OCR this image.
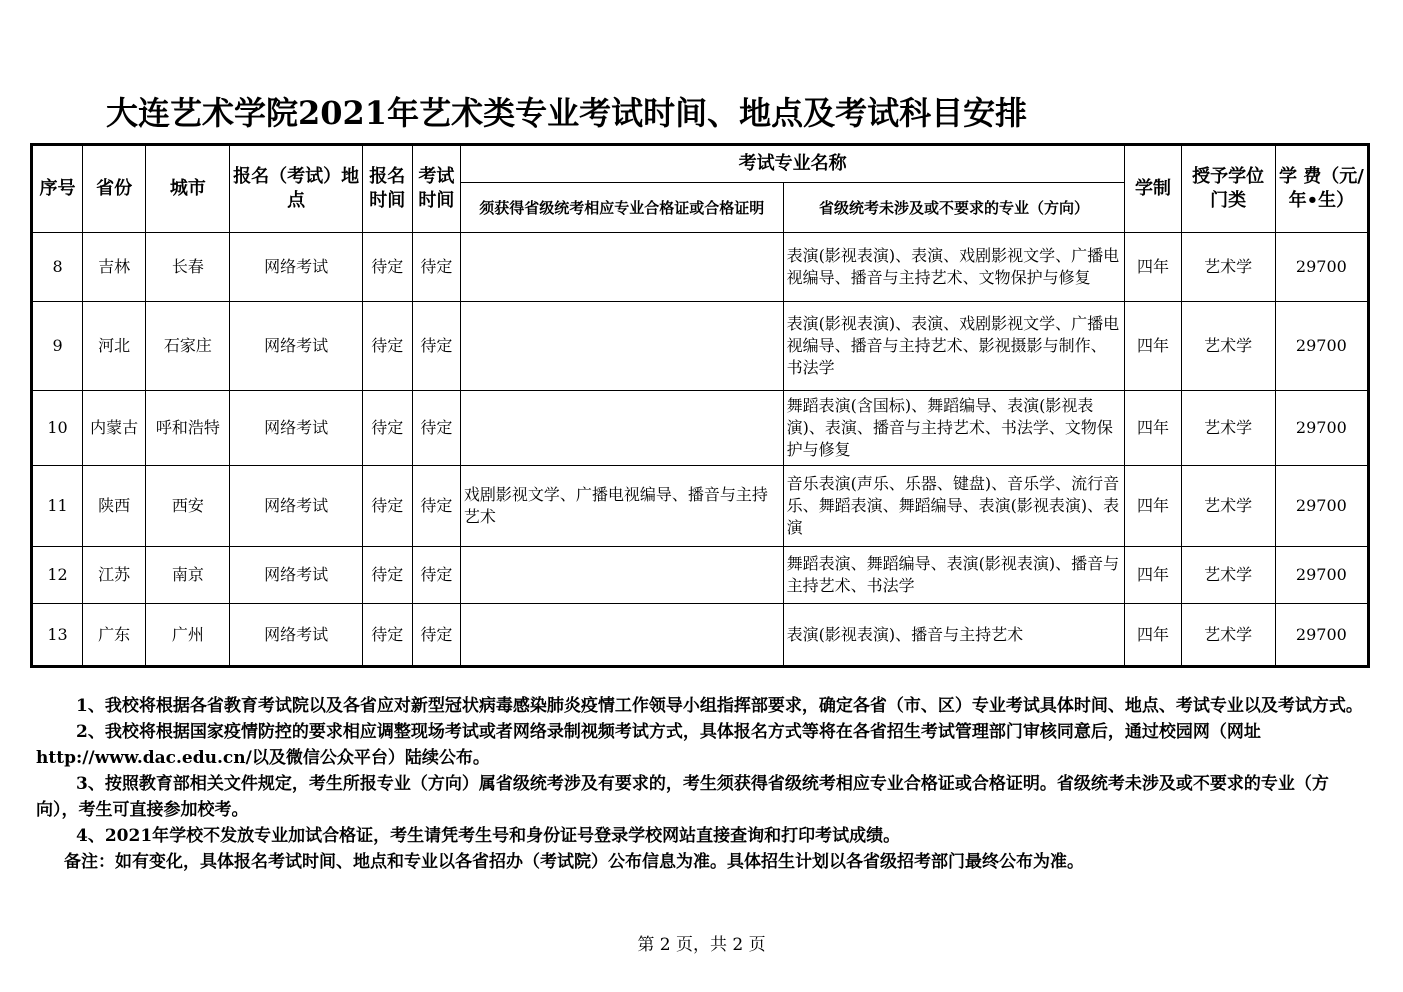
大连艺术学院2021年艺术类专业考试时间、地点及考试科目安排
序号	省份	城市	报名（考试）地点	报名时间	考试时间	考试专业名称		学制	授予学位门类	学 费（元/年•生）
						须获得省级统考相应专业合格证或合格证明	省级统考未涉及或不要求的专业（方向）			
8	吉林	长春	网络考试	待定	待定		表演(影视表演)、表演、戏剧影视文学、广播电视编导、播音与主持艺术、文物保护与修复	四年	艺术学	29700
9	河北	石家庄	网络考试	待定	待定		表演(影视表演)、表演、戏剧影视文学、广播电视编导、播音与主持艺术、影视摄影与制作、书法学	四年	艺术学	29700
10	内蒙古	呼和浩特	网络考试	待定	待定		舞蹈表演(含国标)、舞蹈编导、表演(影视表演)、表演、播音与主持艺术、书法学、文物保护与修复	四年	艺术学	29700
11	陕西	西安	网络考试	待定	待定	戏剧影视文学、广播电视编导、播音与主持艺术	音乐表演(声乐、乐器、键盘)、音乐学、流行音乐、舞蹈表演、舞蹈编导、表演(影视表演)、表演	四年	艺术学	29700
12	江苏	南京	网络考试	待定	待定		舞蹈表演、舞蹈编导、表演(影视表演)、播音与主持艺术、书法学	四年	艺术学	29700
13	广东	广州	网络考试	待定	待定		表演(影视表演)、播音与主持艺术	四年	艺术学	29700

1、我校将根据各省教育考试院以及各省应对新型冠状病毒感染肺炎疫情工作领导小组指挥部要求，确定各省（市、区）专业考试具体时间、地点、考试专业以及考试方式。

2、我校将根据国家疫情防控的要求相应调整现场考试或者网络录制视频考试方式，具体报名方式等将在各省招生考试管理部门审核同意后，通过校园网（网址http://www.dac.edu.cn/以及微信公众平台）陆续公布。

3、按照教育部相关文件规定，考生所报专业（方向）属省级统考涉及有要求的，考生须获得省级统考相应专业合格证或合格证明。省级统考未涉及或不要求的专业（方向），考生可直接参加校考。

4、2021年学校不发放专业加试合格证，考生请凭考生号和身份证号登录学校网站直接查询和打印考试成绩。

备注：如有变化，具体报名考试时间、地点和专业以各省招办（考试院）公布信息为准。具体招生计划以各省级招考部门最终公布为准。

第 2 页，共 2 页
